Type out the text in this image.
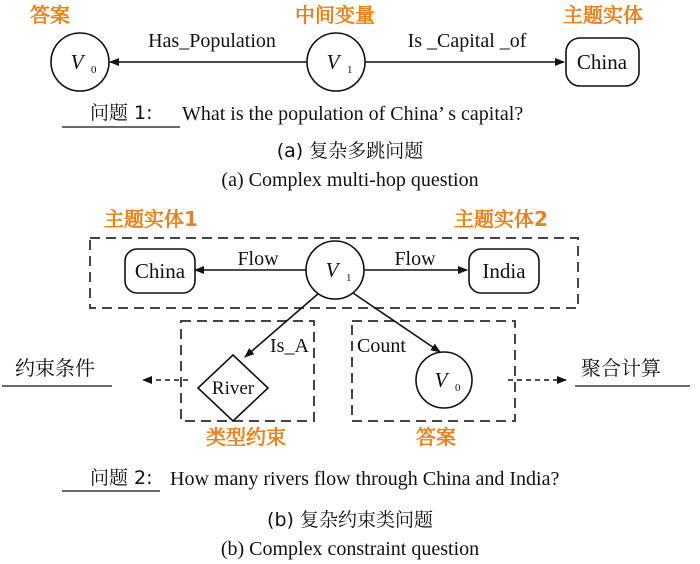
答案	中间变量	主题实体
Has_Population	Is _Capital _of
V 0	V 1	China
问题 1: What is the population of China’ s capital?
(a) 复杂多跳问题
(a) Complex multi-hop question
主题实体1	主题实体2
Flow	Flow
Is_A Count
China	V 1	India
River	V 0
约束条件	聚合计算
类型约束	答案
问题 2: How many rivers flow through China and India?
(b) 复杂约束类问题
(b) Complex constraint question
